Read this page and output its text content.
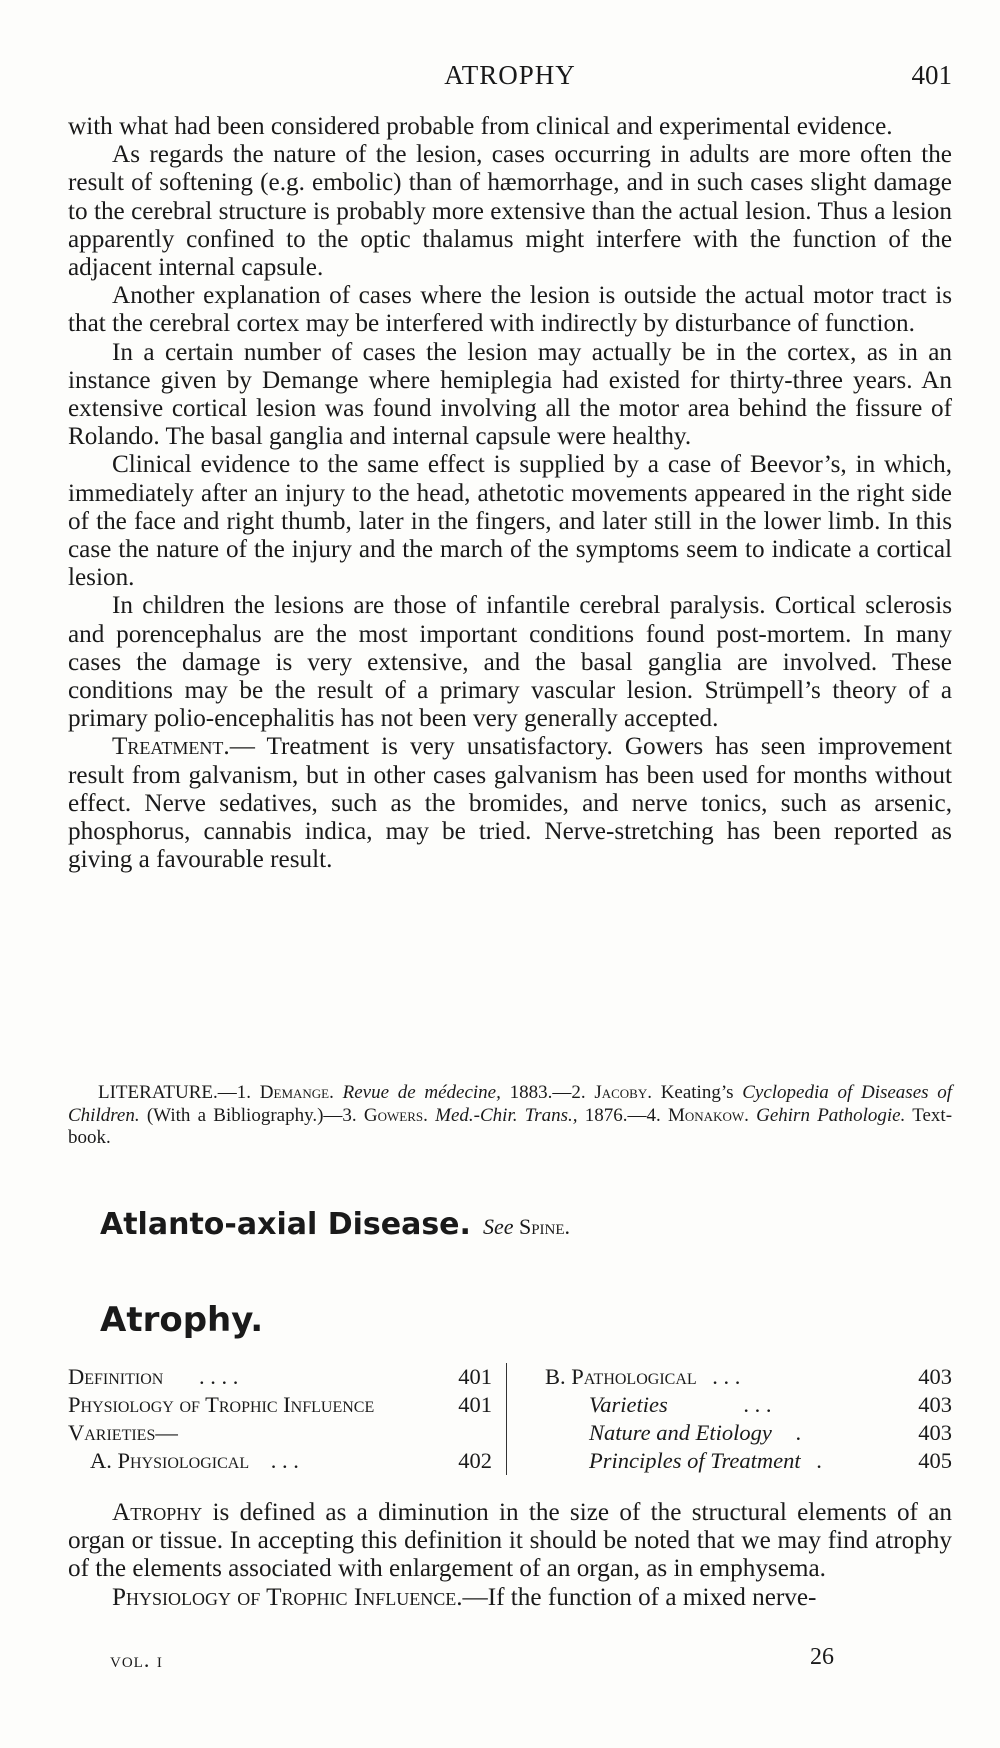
ATROPHY	401

with what had been considered probable from clinical and experimental evidence.

As regards the nature of the lesion, cases occurring in adults are more often the result of softening (e.g. embolic) than of hæmorrhage, and in such cases slight damage to the cerebral structure is probably more extensive than the actual lesion. Thus a lesion apparently confined to the optic thalamus might interfere with the function of the adjacent internal capsule.

Another explanation of cases where the lesion is outside the actual motor tract is that the cerebral cortex may be interfered with indirectly by disturbance of function.

In a certain number of cases the lesion may actually be in the cortex, as in an instance given by Demange where hemiplegia had existed for thirty-three years. An extensive cortical lesion was found involving all the motor area behind the fissure of Rolando. The basal ganglia and internal capsule were healthy.

Clinical evidence to the same effect is supplied by a case of Beevor’s, in which, immediately after an injury to the head, athetotic movements appeared in the right side of the face and right thumb, later in the fingers, and later still in the lower limb. In this case the nature of the injury and the march of the symptoms seem to indicate a cortical lesion.

In children the lesions are those of infantile cerebral paralysis. Cortical sclerosis and porencephalus are the most important conditions found post-mortem. In many cases the damage is very extensive, and the basal ganglia are involved. These conditions may be the result of a primary vascular lesion. Strümpell’s theory of a primary polio-encephalitis has not been very generally accepted.

Treatment.— Treatment is very unsatisfactory. Gowers has seen improvement result from galvanism, but in other cases galvanism has been used for months without effect. Nerve sedatives, such as the bromides, and nerve tonics, such as arsenic, phosphorus, cannabis indica, may be tried. Nerve-stretching has been reported as giving a favourable result.

LITERATURE.—1. Demange. Revue de médecine, 1883.—2. Jacoby. Keating’s Cyclopedia of Diseases of Children. (With a Bibliography.)—3. Gowers. Med.-Chir. Trans., 1876.—4. Monakow. Gehirn Pathologie. Text-book.
Atlanto-axial Disease. See Spine.
Atrophy.
Definition . . . .	401
Physiology of Trophic Influence	401
Varieties—
A. Physiological . . .	402
B. Pathological . . .	403
Varieties	. . .	403
Nature and Etiology .	403
Principles of Treatment .	405

Atrophy is defined as a diminution in the size of the structural elements of an organ or tissue. In accepting this definition it should be noted that we may find atrophy of the elements associated with enlargement of an organ, as in emphysema.

Physiology of Trophic Influence.—If the function of a mixed nerve-

vol. i	26
